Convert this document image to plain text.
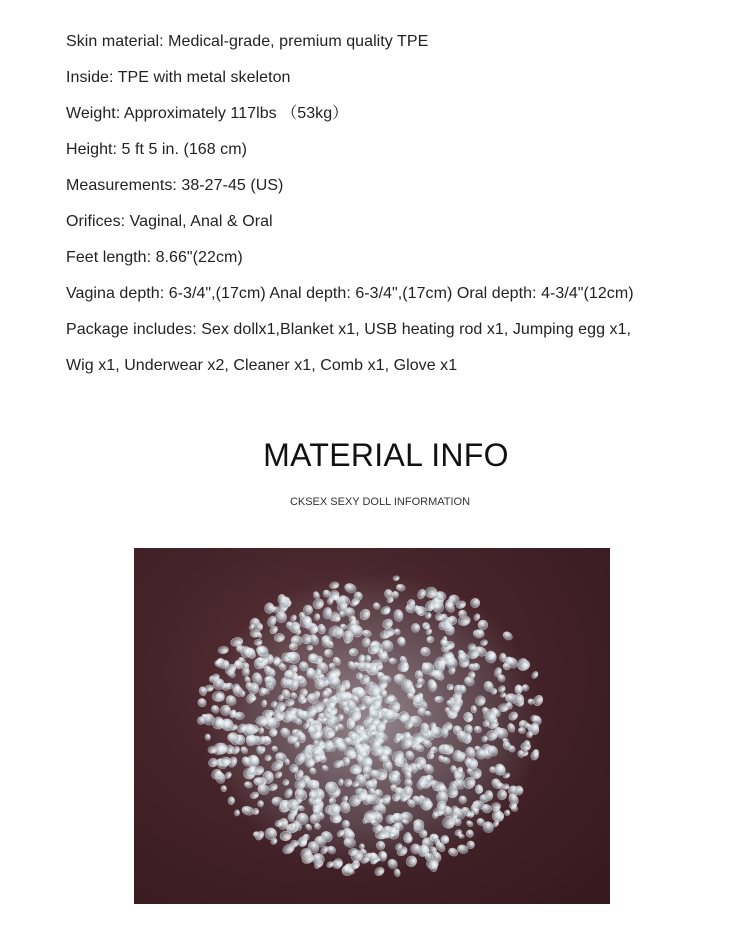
Skin material: Medical-grade, premium quality TPE
Inside: TPE with metal skeleton
Weight: Approximately 117lbs （53kg）
Height: 5 ft 5 in. (168 cm)
Measurements: 38-27-45 (US)
Orifices: Vaginal, Anal & Oral
Feet length: 8.66"(22cm)
Vagina depth: 6-3/4",(17cm) Anal depth: 6-3/4",(17cm) Oral depth: 4-3/4"(12cm)
Package includes: Sex dollx1,Blanket x1, USB heating rod x1, Jumping egg x1,
Wig x1, Underwear x2, Cleaner x1, Comb x1, Glove x1
MATERIAL INFO

CKSEX SEXY DOLL INFORMATION
